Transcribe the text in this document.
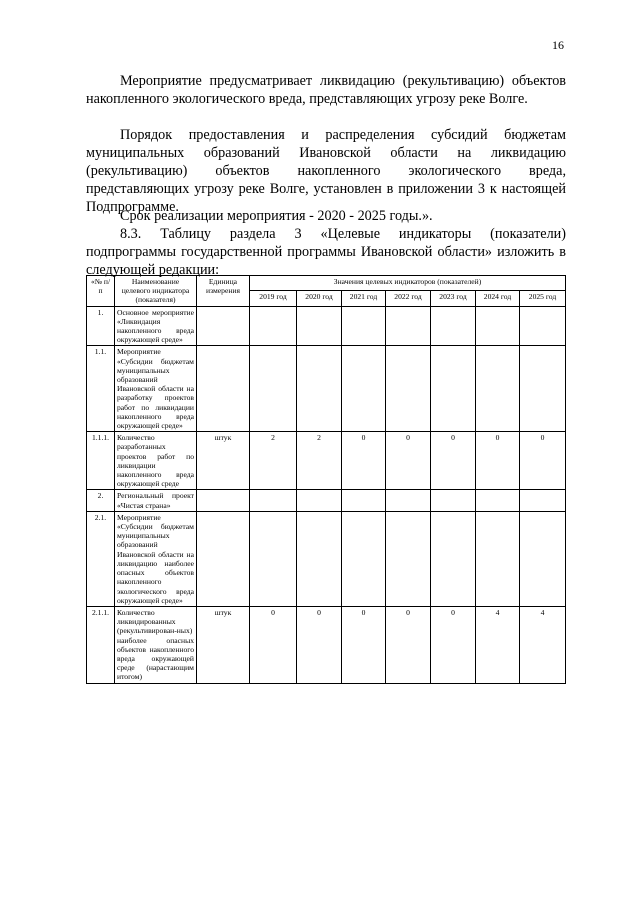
16

Мероприятие предусматривает ликвидацию (рекультивацию) объектов накопленного экологического вреда, представляющих угрозу реке Волге.

Порядок предоставления и распределения субсидий бюджетам муниципальных образований Ивановской области на ликвидацию (рекультивацию) объектов накопленного экологического вреда, представляющих угрозу реке Волге, установлен в приложении 3 к настоящей Подпрограмме.

Срок реализации мероприятия - 2020 - 2025 годы.».

8.3. Таблицу раздела 3 «Целевые индикаторы (показатели) подпрограммы государственной программы Ивановской области» изложить в следующей редакции:

«№ п/п	Наименование целевого индикатора (показателя)	Единица измерения	Значения целевых индикаторов (показателей)						
			2019 год	2020 год	2021 год	2022 год	2023 год	2024 год	2025 год
1.	Основное мероприятие «Ликвидация накопленного вреда окружающей среде»								
1.1.	Мероприятие «Субсидии бюджетам муниципальных образований Ивановской области на разработку проектов работ по ликвидации накопленного вреда окружающей среде»								
1.1.1.	Количество разработанных проектов работ по ликвидации накопленного вреда окружающей среде	штук	2	2	0	0	0	0	0
2.	Региональный проект «Чистая страна»								
2.1.	Мероприятие «Субсидии бюджетам муниципальных образований Ивановской области на ликвидацию наиболее опасных объектов накопленного экологического вреда окружающей среде»								
2.1.1.	Количество ликвидированных (рекультивирован-ных) наиболее опасных объектов накопленного вреда окружающей среде (нарастающим итогом)	штук	0	0	0	0	0	4	4
